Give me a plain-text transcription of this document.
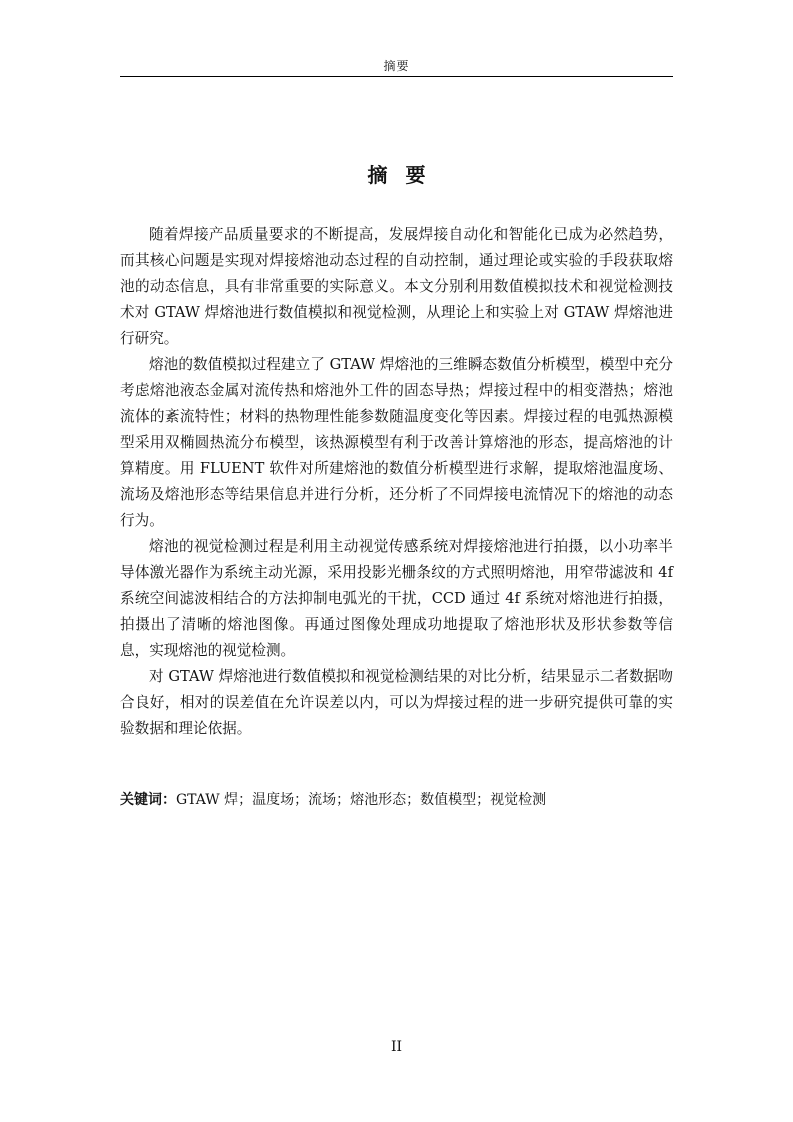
摘要
摘要

随着焊接产品质量要求的不断提高，发展焊接自动化和智能化已成为必然趋势，而其核心问题是实现对焊接熔池动态过程的自动控制，通过理论或实验的手段获取熔池的动态信息，具有非常重要的实际意义。本文分别利用数值模拟技术和视觉检测技术对 GTAW 焊熔池进行数值模拟和视觉检测，从理论上和实验上对 GTAW 焊熔池进行研究。

熔池的数值模拟过程建立了 GTAW 焊熔池的三维瞬态数值分析模型，模型中充分考虑熔池液态金属对流传热和熔池外工件的固态导热；焊接过程中的相变潜热；熔池流体的紊流特性；材料的热物理性能参数随温度变化等因素。焊接过程的电弧热源模型采用双椭圆热流分布模型，该热源模型有利于改善计算熔池的形态，提高熔池的计算精度。用 FLUENT 软件对所建熔池的数值分析模型进行求解，提取熔池温度场、流场及熔池形态等结果信息并进行分析，还分析了不同焊接电流情况下的熔池的动态行为。

熔池的视觉检测过程是利用主动视觉传感系统对焊接熔池进行拍摄，以小功率半导体激光器作为系统主动光源，采用投影光栅条纹的方式照明熔池，用窄带滤波和 4f 系统空间滤波相结合的方法抑制电弧光的干扰，CCD 通过 4f 系统对熔池进行拍摄，拍摄出了清晰的熔池图像。再通过图像处理成功地提取了熔池形状及形状参数等信息，实现熔池的视觉检测。

对 GTAW 焊熔池进行数值模拟和视觉检测结果的对比分析，结果显示二者数据吻合良好，相对的误差值在允许误差以内，可以为焊接过程的进一步研究提供可靠的实验数据和理论依据。

关键词：GTAW 焊；温度场；流场；熔池形态；数值模型；视觉检测
II
